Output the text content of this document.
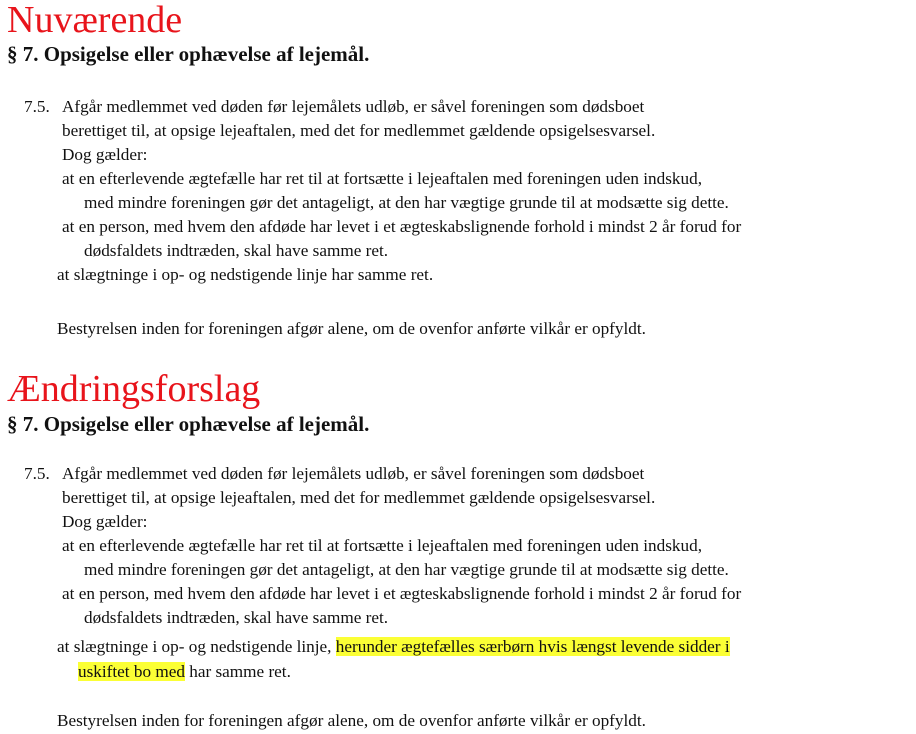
Nuværende
§ 7. Opsigelse eller ophævelse af lejemål.
7.5. Afgår medlemmet ved døden før lejemålets udløb, er såvel foreningen som dødsboet
berettiget til, at opsige lejeaftalen, med det for medlemmet gældende opsigelsesvarsel.
Dog gælder:
at en efterlevende ægtefælle har ret til at fortsætte i lejeaftalen med foreningen uden indskud,
med mindre foreningen gør det antageligt, at den har vægtige grunde til at modsætte sig dette.
at en person, med hvem den afdøde har levet i et ægteskabslignende forhold i mindst 2 år forud for
dødsfaldets indtræden, skal have samme ret.
at slægtninge i op- og nedstigende linje har samme ret.
Bestyrelsen inden for foreningen afgør alene, om de ovenfor anførte vilkår er opfyldt.
Ændringsforslag
§ 7. Opsigelse eller ophævelse af lejemål.
7.5. Afgår medlemmet ved døden før lejemålets udløb, er såvel foreningen som dødsboet
berettiget til, at opsige lejeaftalen, med det for medlemmet gældende opsigelsesvarsel.
Dog gælder:
at en efterlevende ægtefælle har ret til at fortsætte i lejeaftalen med foreningen uden indskud,
med mindre foreningen gør det antageligt, at den har vægtige grunde til at modsætte sig dette.
at en person, med hvem den afdøde har levet i et ægteskabslignende forhold i mindst 2 år forud for
dødsfaldets indtræden, skal have samme ret.
at slægtninge i op- og nedstigende linje, herunder ægtefælles særbørn hvis længst levende sidder i
uskiftet bo med har samme ret.
Bestyrelsen inden for foreningen afgør alene, om de ovenfor anførte vilkår er opfyldt.
